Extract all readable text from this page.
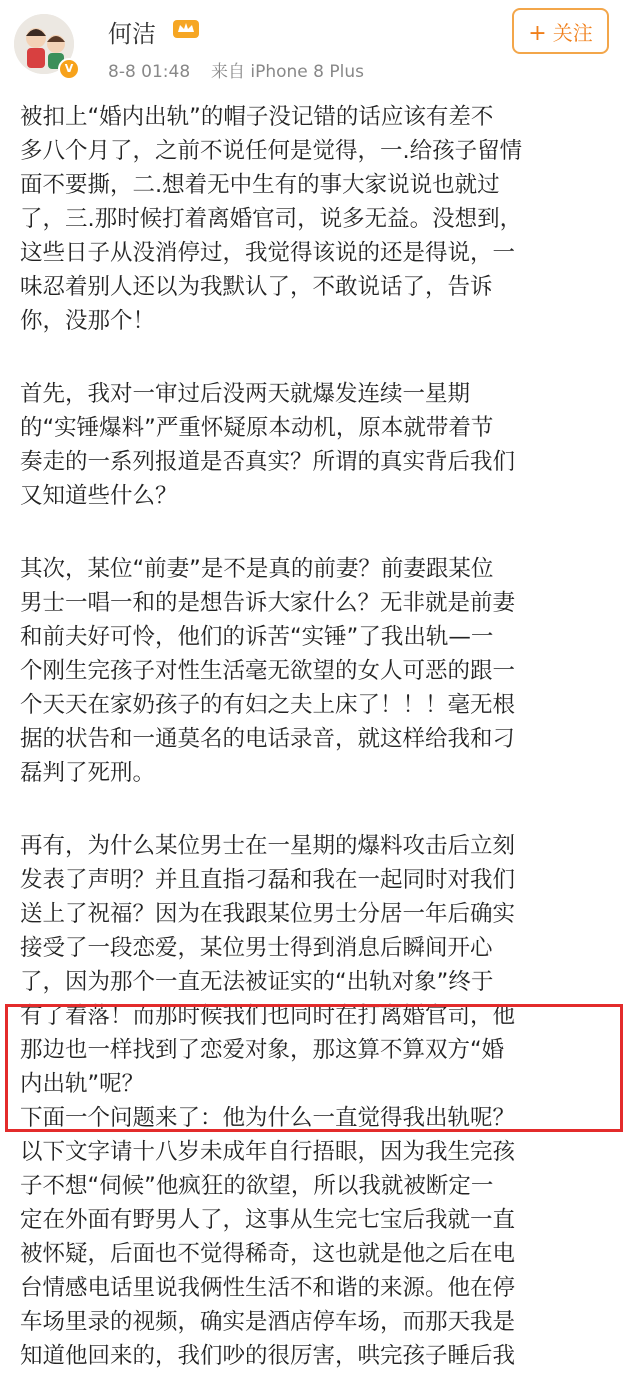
V
何洁
8-8 01:48 来自 iPhone 8 Plus
+ 关注
被扣上“婚内出轨”的帽子没记错的话应该有差不
多八个月了，之前不说任何是觉得，一.给孩子留情
面不要撕，二.想着无中生有的事大家说说也就过
了，三.那时候打着离婚官司，说多无益。没想到，
这些日子从没消停过，我觉得该说的还是得说，一
味忍着别人还以为我默认了，不敢说话了，告诉
你，没那个！
首先，我对一审过后没两天就爆发连续一星期
的“实锤爆料”严重怀疑原本动机，原本就带着节
奏走的一系列报道是否真实？所谓的真实背后我们
又知道些什么？
其次，某位“前妻”是不是真的前妻？前妻跟某位
男士一唱一和的是想告诉大家什么？无非就是前妻
和前夫好可怜，他们的诉苦“实锤”了我出轨—一
个刚生完孩子对性生活毫无欲望的女人可恶的跟一
个天天在家奶孩子的有妇之夫上床了！！！毫无根
据的状告和一通莫名的电话录音，就这样给我和刁
磊判了死刑。
再有，为什么某位男士在一星期的爆料攻击后立刻
发表了声明？并且直指刁磊和我在一起同时对我们
送上了祝福？因为在我跟某位男士分居一年后确实
接受了一段恋爱，某位男士得到消息后瞬间开心
了，因为那个一直无法被证实的“出轨对象”终于
有了着落！而那时候我们也同时在打离婚官司，他
那边也一样找到了恋爱对象，那这算不算双方“婚
内出轨”呢？
下面一个问题来了：他为什么一直觉得我出轨呢？
以下文字请十八岁未成年自行捂眼，因为我生完孩
子不想“伺候”他疯狂的欲望，所以我就被断定一
定在外面有野男人了，这事从生完七宝后我就一直
被怀疑，后面也不觉得稀奇，这也就是他之后在电
台情感电话里说我俩性生活不和谐的来源。他在停
车场里录的视频，确实是酒店停车场，而那天我是
知道他回来的，我们吵的很厉害，哄完孩子睡后我
